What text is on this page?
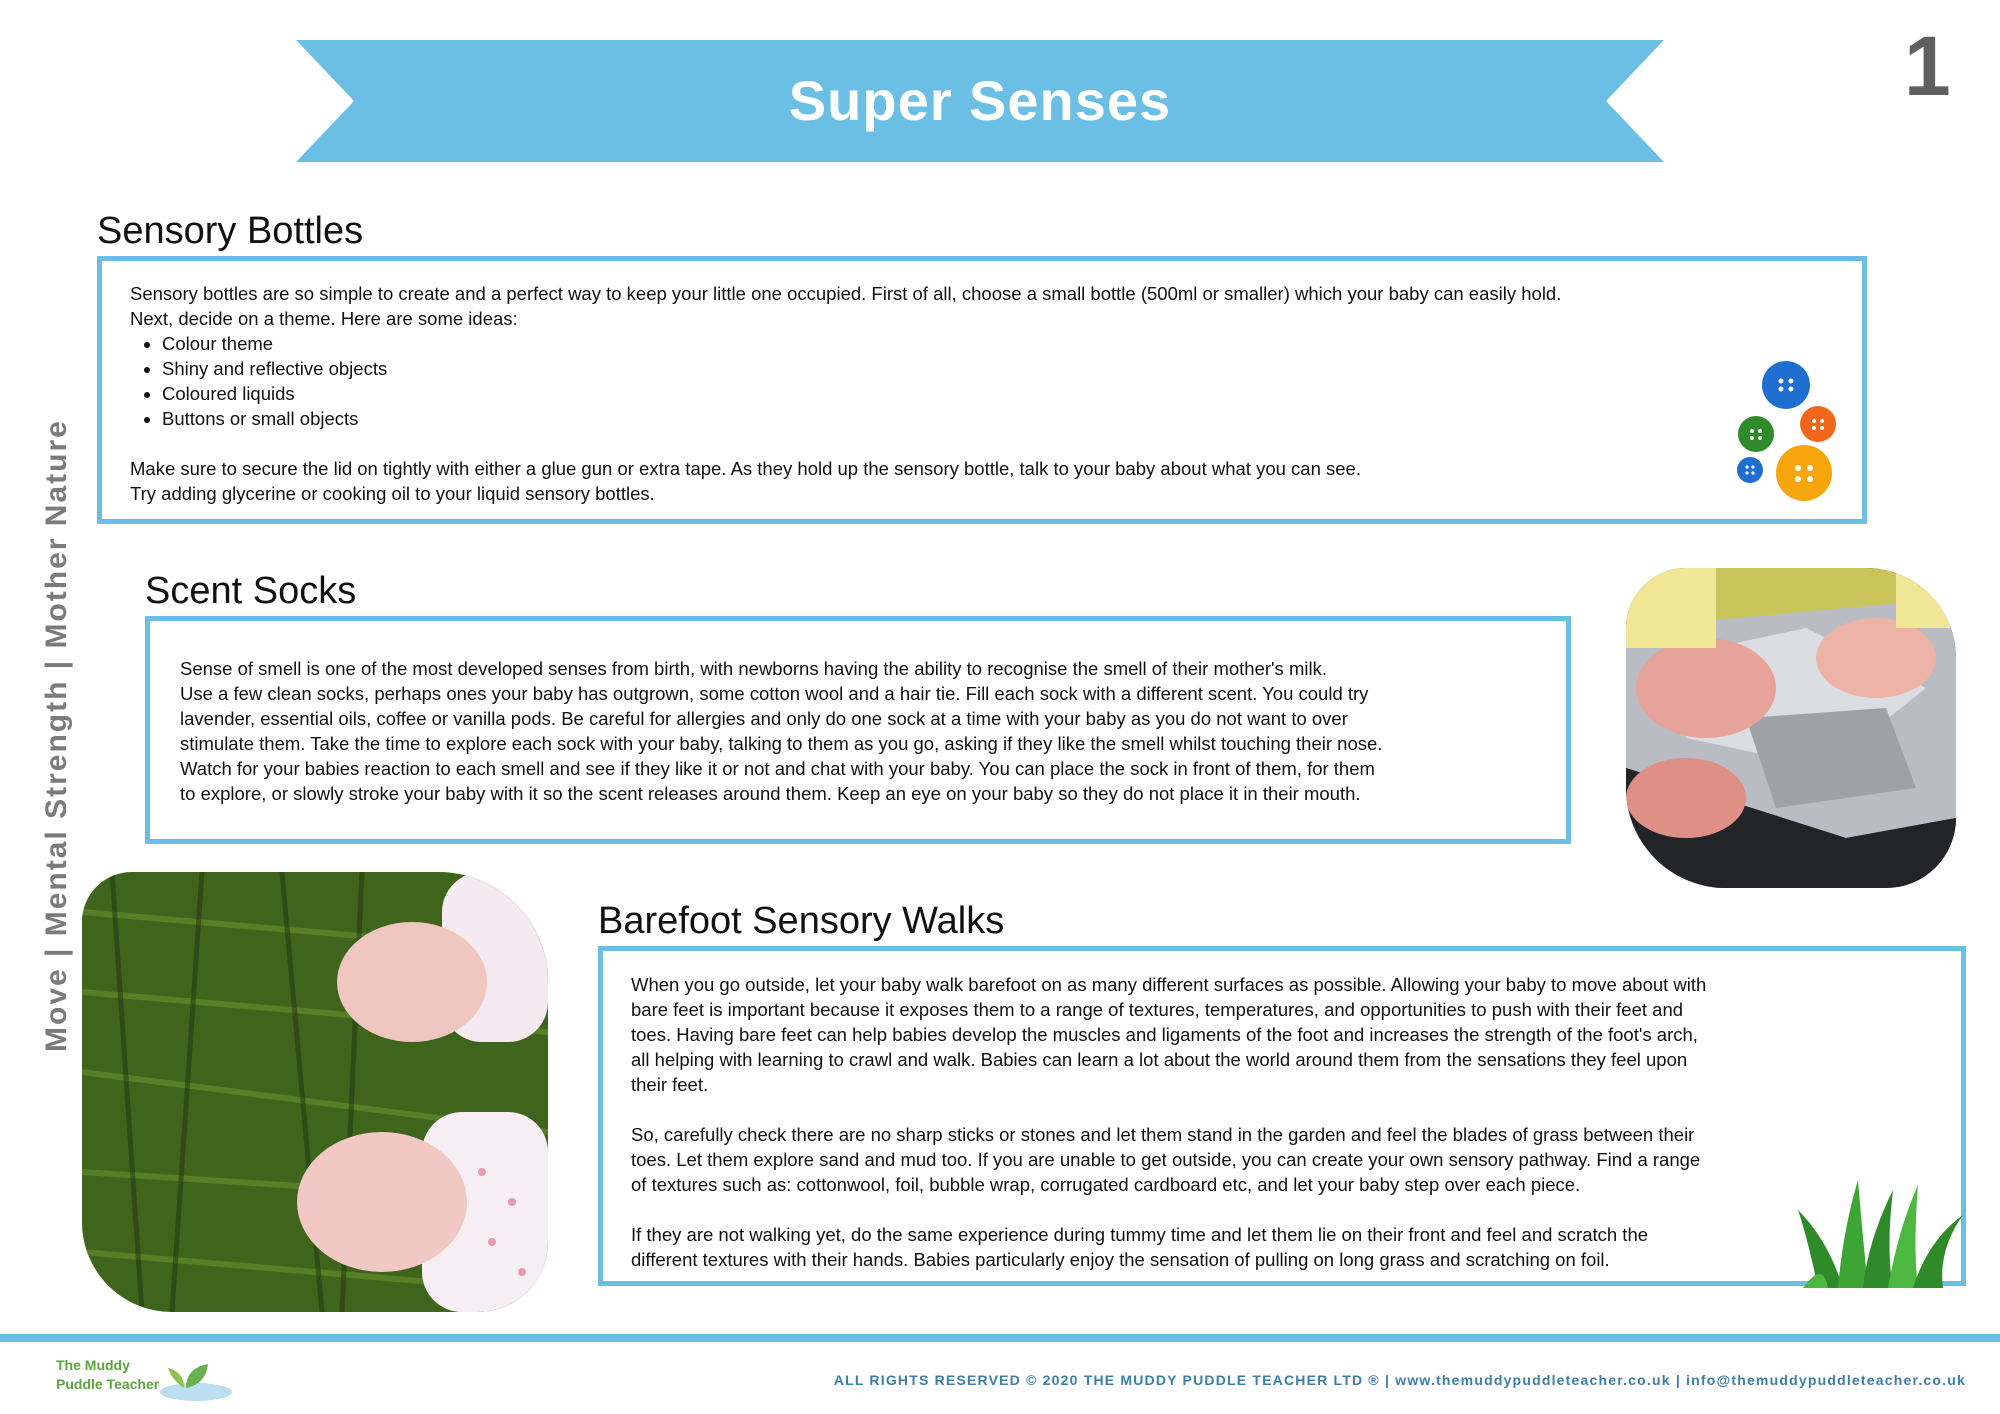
Super Senses	1
Move | Mental Strength | Mother Nature
Sensory Bottles

Sensory bottles are so simple to create and a perfect way to keep your little one occupied. First of all, choose a small bottle (500ml or smaller) which your baby can easily hold.

Next, decide on a theme. Here are some ideas:

• Colour theme
• Shiny and reflective objects
• Coloured liquids
• Buttons or small objects

Make sure to secure the lid on tightly with either a glue gun or extra tape. As they hold up the sensory bottle, talk to your baby about what you can see.

Try adding glycerine or cooking oil to your liquid sensory bottles.

Scent Socks

Sense of smell is one of the most developed senses from birth, with newborns having the ability to recognise the smell of their mother's milk.

Use a few clean socks, perhaps ones your baby has outgrown, some cotton wool and a hair tie. Fill each sock with a different scent. You could try

lavender, essential oils, coffee or vanilla pods. Be careful for allergies and only do one sock at a time with your baby as you do not want to over

stimulate them. Take the time to explore each sock with your baby, talking to them as you go, asking if they like the smell whilst touching their nose.

Watch for your babies reaction to each smell and see if they like it or not and chat with your baby. You can place the sock in front of them, for them

to explore, or slowly stroke your baby with it so the scent releases around them. Keep an eye on your baby so they do not place it in their mouth.

Barefoot Sensory Walks

When you go outside, let your baby walk barefoot on as many different surfaces as possible. Allowing your baby to move about with

bare feet is important because it exposes them to a range of textures, temperatures, and opportunities to push with their feet and

toes. Having bare feet can help babies develop the muscles and ligaments of the foot and increases the strength of the foot's arch,

all helping with learning to crawl and walk. Babies can learn a lot about the world around them from the sensations they feel upon

their feet.

So, carefully check there are no sharp sticks or stones and let them stand in the garden and feel the blades of grass between their

toes. Let them explore sand and mud too. If you are unable to get outside, you can create your own sensory pathway. Find a range

of textures such as: cottonwool, foil, bubble wrap, corrugated cardboard etc, and let your baby step over each piece.

If they are not walking yet, do the same experience during tummy time and let them lie on their front and feel and scratch the

different textures with their hands. Babies particularly enjoy the sensation of pulling on long grass and scratching on foil.

The Muddy
Puddle Teacher	ALL RIGHTS RESERVED © 2020 THE MUDDY PUDDLE TEACHER LTD ® | www.themuddypuddleteacher.co.uk | info@themuddypuddleteacher.co.uk
